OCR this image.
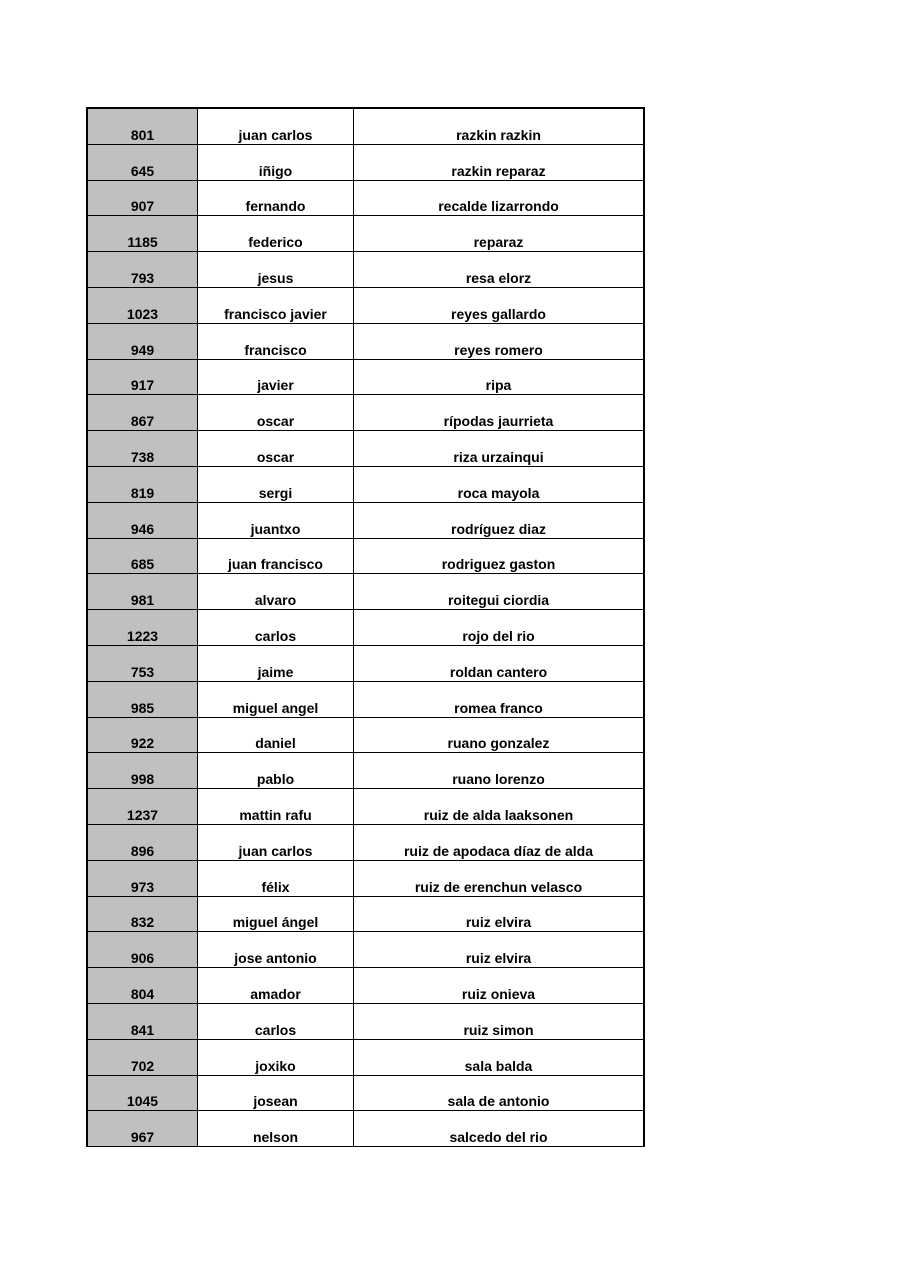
801	juan carlos	razkin razkin
645	iñigo	razkin reparaz
907	fernando	recalde lizarrondo
1185	federico	reparaz
793	jesus	resa elorz
1023	francisco javier	reyes gallardo
949	francisco	reyes romero
917	javier	ripa
867	oscar	rípodas jaurrieta
738	oscar	riza urzainqui
819	sergi	roca mayola
946	juantxo	rodríguez diaz
685	juan francisco	rodriguez gaston
981	alvaro	roitegui ciordia
1223	carlos	rojo del rio
753	jaime	roldan cantero
985	miguel angel	romea franco
922	daniel	ruano gonzalez
998	pablo	ruano lorenzo
1237	mattin rafu	ruiz de alda laaksonen
896	juan carlos	ruiz de apodaca díaz de alda
973	félix	ruiz de erenchun velasco
832	miguel ángel	ruiz elvira
906	jose antonio	ruiz elvira
804	amador	ruiz onieva
841	carlos	ruiz simon
702	joxiko	sala balda
1045	josean	sala de antonio
967	nelson	salcedo del rio
